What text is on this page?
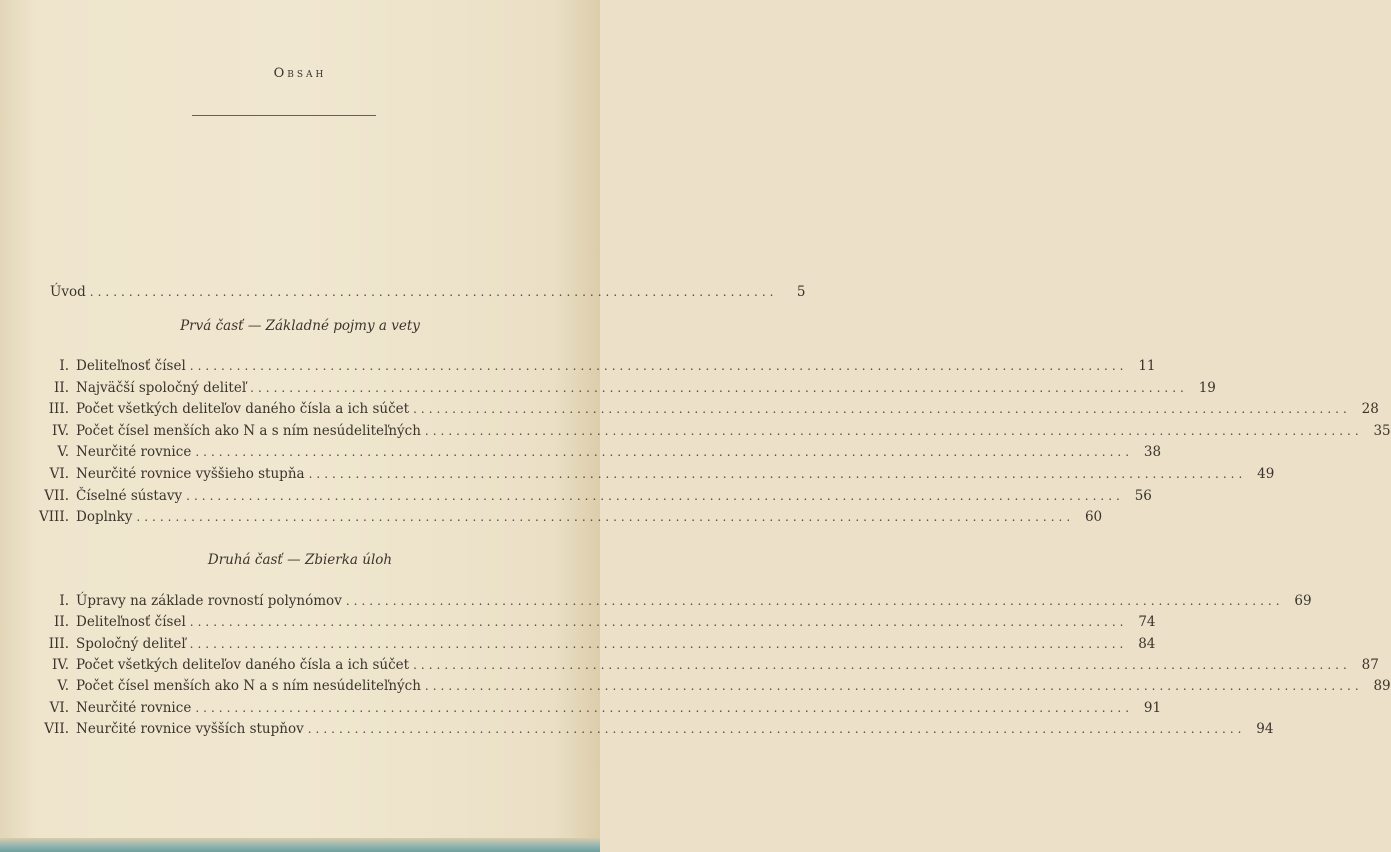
Obsah
Úvod ........................................................................................	5
Prvá časť — Základné pojmy a vety
I. Deliteľnosť čísel ........................................................................................................................ 11
II. Najväčší spoločný deliteľ ........................................................................................................................ 19
III. Počet všetkých deliteľov daného čísla a ich súčet ........................................................................................................................ 28
IV. Počet čísel menších ako N a s ním nesúdeliteľných ........................................................................................................................ 35
V. Neurčité rovnice ........................................................................................................................ 38
VI. Neurčité rovnice vyššieho stupňa ........................................................................................................................ 49
VII. Číselné sústavy ........................................................................................................................ 56
VIII. Doplnky ........................................................................................................................ 60
Druhá časť — Zbierka úloh
I. Úpravy na základe rovností polynómov ........................................................................................................................ 69
II. Deliteľnosť čísel ........................................................................................................................ 74
III. Spoločný deliteľ ........................................................................................................................ 84
IV. Počet všetkých deliteľov daného čísla a ich súčet ........................................................................................................................ 87
V. Počet čísel menších ako N a s ním nesúdeliteľných ........................................................................................................................ 89
VI. Neurčité rovnice ........................................................................................................................ 91
VII. Neurčité rovnice vyšších stupňov ........................................................................................................................ 94
